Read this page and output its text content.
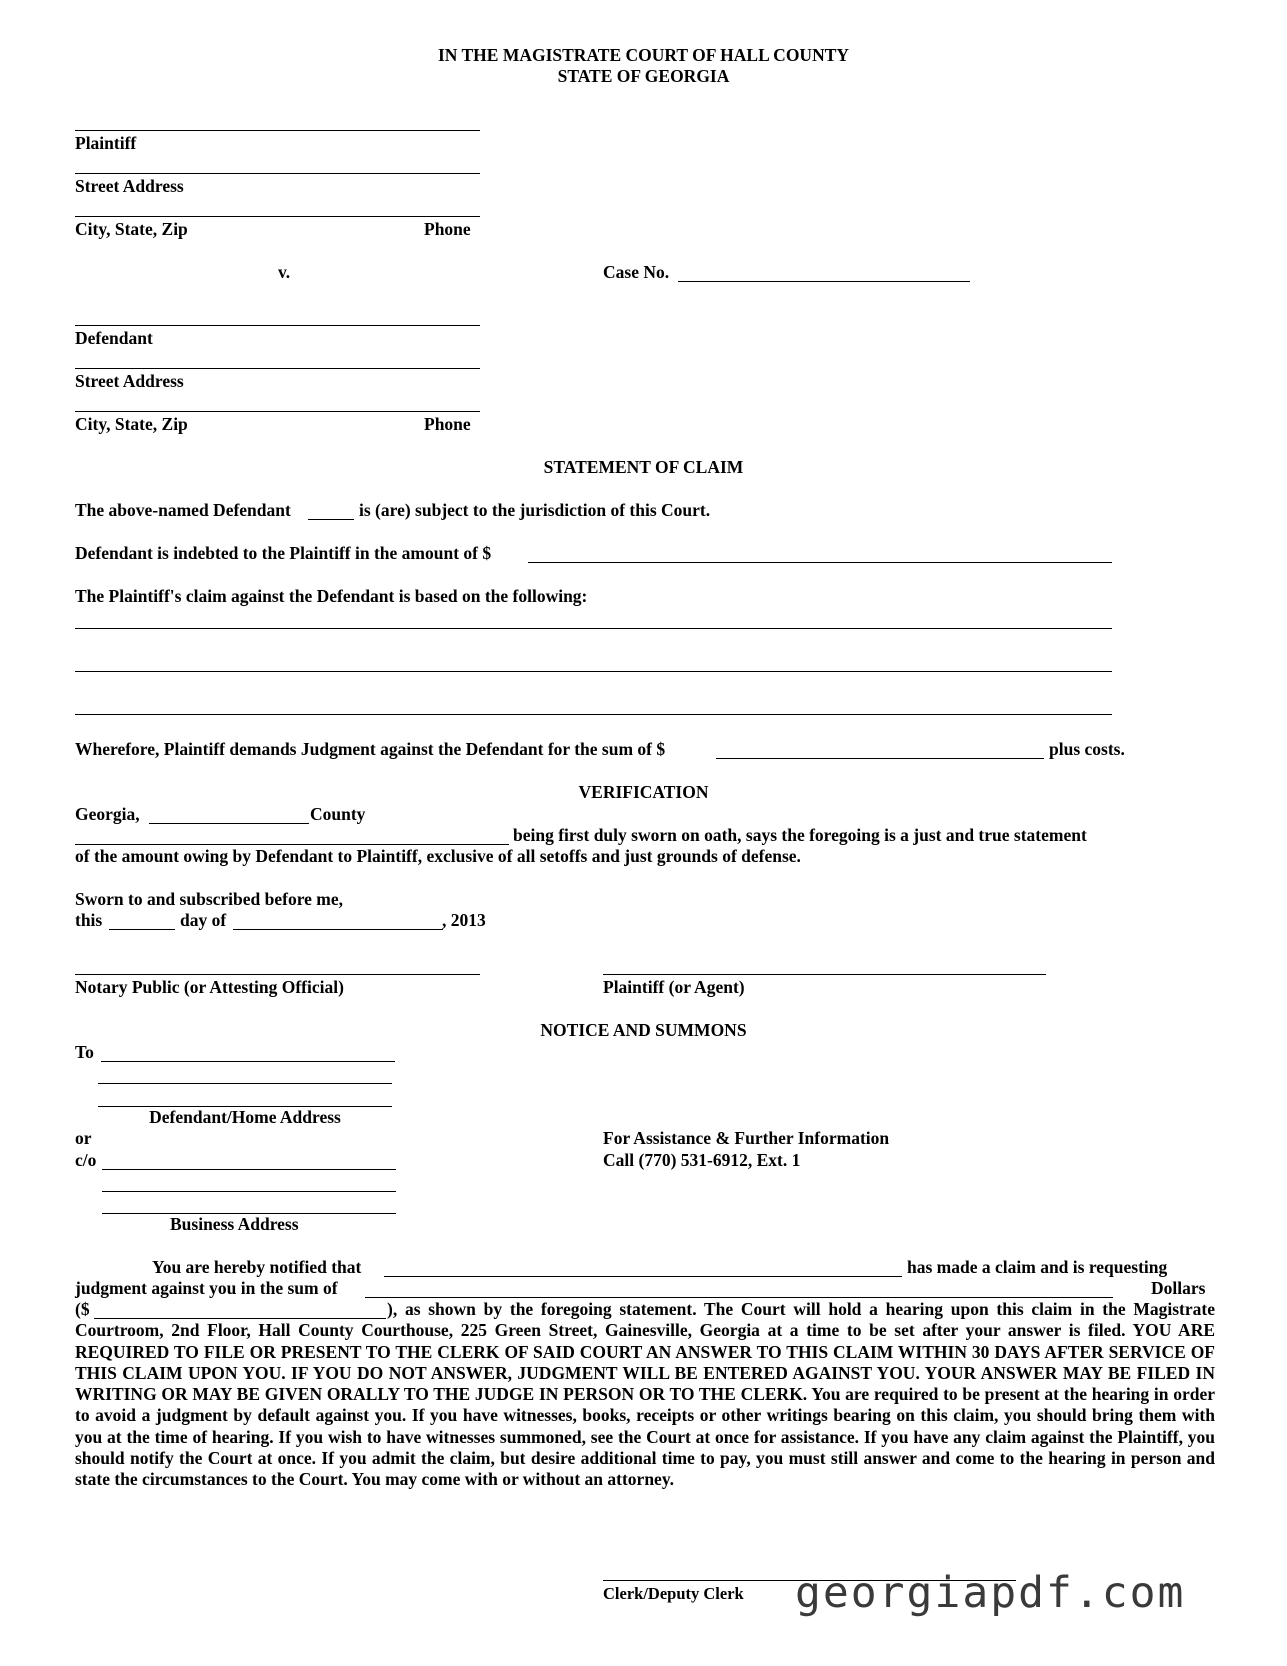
IN THE MAGISTRATE COURT OF HALL COUNTY
STATE OF GEORGIA
Plaintiff
Street Address
City, State, Zip	Phone
v.	Case No.
Defendant
Street Address
City, State, Zip	Phone
STATEMENT OF CLAIM
The above-named Defendant	is (are) subject to the jurisdiction of this Court.
Defendant is indebted to the Plaintiff in the amount of $
The Plaintiff's claim against the Defendant is based on the following:
Wherefore, Plaintiff demands Judgment against the Defendant for the sum of $	plus costs.
VERIFICATION
Georgia,	County
being first duly sworn on oath, says the foregoing is a just and true statement
of the amount owing by Defendant to Plaintiff, exclusive of all setoffs and just grounds of defense.
Sworn to and subscribed before me,
this	day of	, 2013
Notary Public (or Attesting Official)	Plaintiff (or Agent)
NOTICE AND SUMMONS
To
Defendant/Home Address
or
c/o
Business Address
For Assistance & Further Information
Call (770) 531-6912, Ext. 1
You are hereby notified that	has made a claim and is requesting
judgment against you in the sum of	Dollars
($	), as shown by the foregoing statement. The Court will hold a hearing upon this claim in the Magistrate Courtroom, 2nd Floor, Hall County Courthouse, 225 Green Street, Gainesville, Georgia at a time to be set after your answer is filed. YOU ARE REQUIRED TO FILE OR PRESENT TO THE CLERK OF SAID COURT AN ANSWER TO THIS CLAIM WITHIN 30 DAYS AFTER SERVICE OF THIS CLAIM UPON YOU. IF YOU DO NOT ANSWER, JUDGMENT WILL BE ENTERED AGAINST YOU. YOUR ANSWER MAY BE FILED IN WRITING OR MAY BE GIVEN ORALLY TO THE JUDGE IN PERSON OR TO THE CLERK. You are required to be present at the hearing in order to avoid a judgment by default against you. If you have witnesses, books, receipts or other writings bearing on this claim, you should bring them with you at the time of hearing. If you wish to have witnesses summoned, see the Court at once for assistance. If you have any claim against the Plaintiff, you should notify the Court at once. If you admit the claim, but desire additional time to pay, you must still answer and come to the hearing in person and state the circumstances to the Court. You may come with or without an attorney.
Clerk/Deputy Clerk georgiapdf.com
